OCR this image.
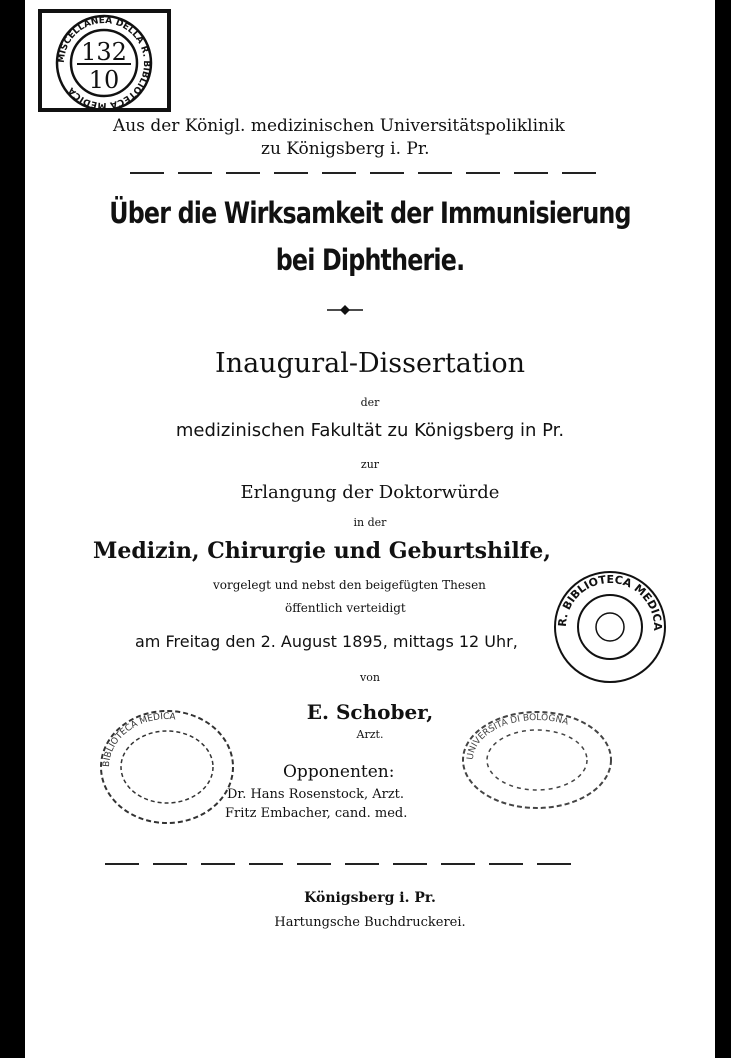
MISCELLANEA DELLA R. BIBLIOTECA MEDICA
132
10

Aus der Königl. medizinischen Universitätspoliklinik

zu Königsberg i. Pr.

Über die Wirksamkeit der Immunisierung

bei Diphtherie.

Inaugural-Dissertation

der

medizinischen Fakultät zu Königsberg in Pr.

zur

Erlangung der Doktorwürde

in der

Medizin, Chirurgie und Geburtshilfe,

vorgelegt und nebst den beigefügten Thesen

öffentlich verteidigt

am Freitag den 2. August 1895, mittags 12 Uhr,

von

E. Schober,

Arzt.

Opponenten:

Dr. Hans Rosenstock, Arzt.

Fritz Embacher, cand. med.

BIBLIOTECA MEDICA
UNIVERSITÀ DI BOLOGNA
R. BIBLIOTECA MEDICA

Königsberg i. Pr.

Hartungsche Buchdruckerei.
